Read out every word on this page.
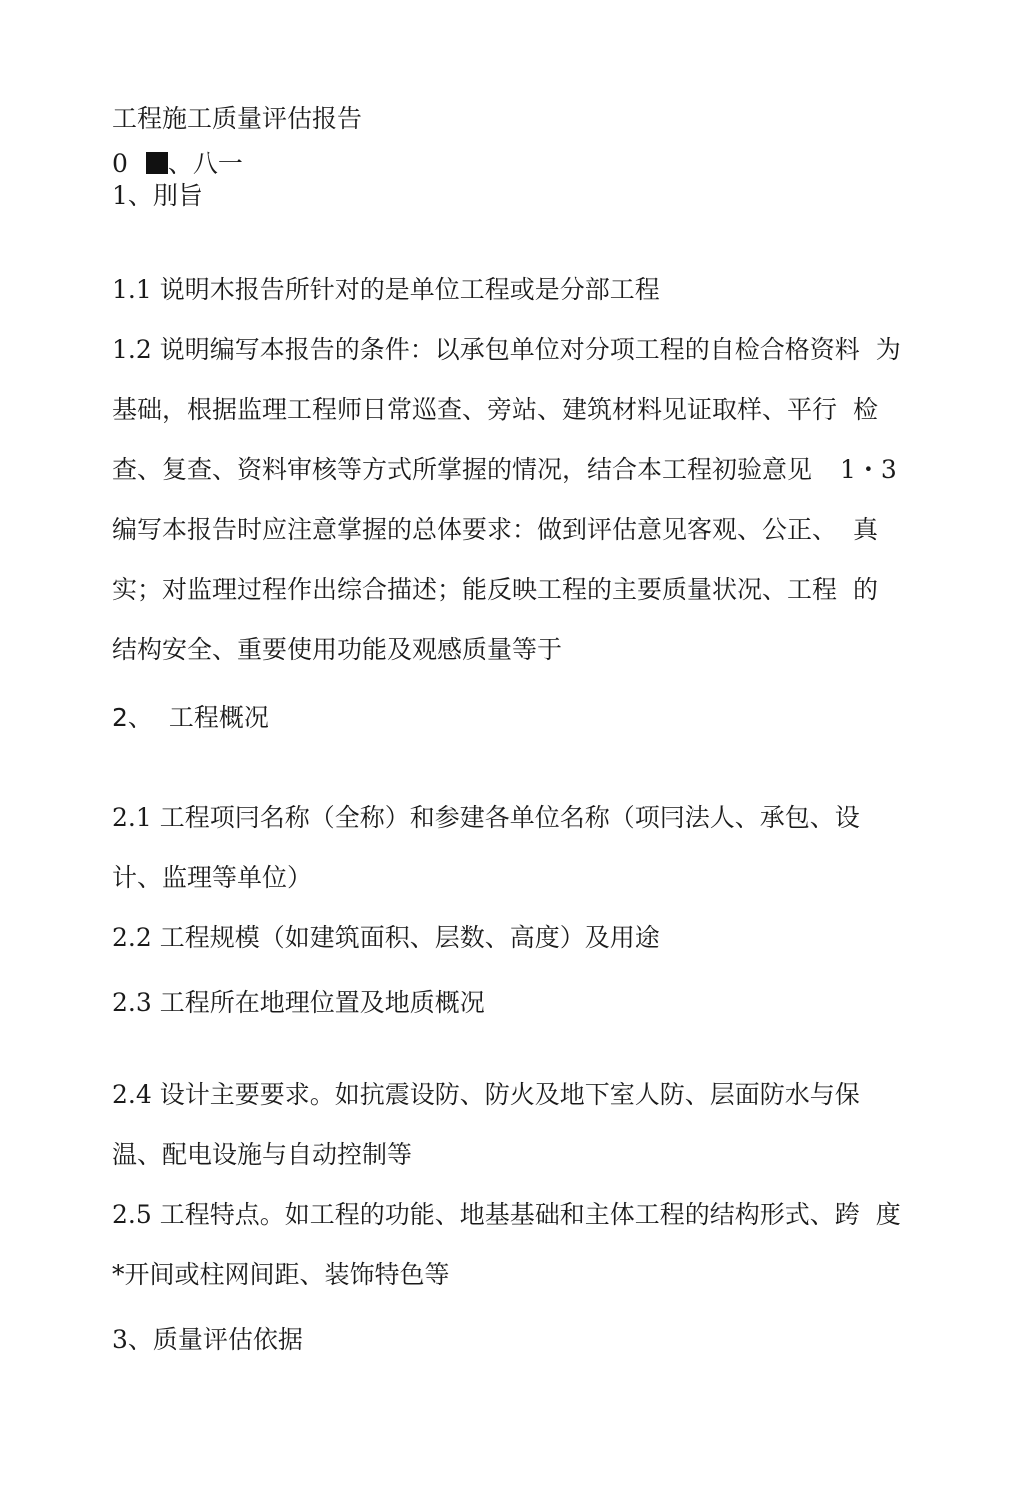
工程施工质量评估报告
0 、八一
1、刖旨
1.1 说明木报告所针对的是单位工程或是分部工程
1.2 说明编写本报告的条件：以承包单位对分项工程的自检合格资料 为
基础，根据监理工程师日常巡查、旁站、建筑材料见证取样、平行 检
查、复查、资料审核等方式所掌握的情况，结合本工程初验意见 1・3
编写本报告时应注意掌握的总体要求：做到评估意见客观、公正、 真
实；对监理过程作出综合描述；能反映工程的主要质量状况、工程 的
结构安全、重要使用功能及观感质量等于
2、 工程概况
2.1 工程项冃名称（全称）和参建各单位名称（项冃法人、承包、设
计、监理等单位）
2.2 工程规模（如建筑面积、层数、高度）及用途
2.3 工程所在地理位置及地质概况
2.4 设计主要要求。如抗震设防、防火及地下室人防、层面防水与保
温、配电设施与自动控制等
2.5 工程特点。如工程的功能、地基基础和主体工程的结构形式、跨 度
*开间或柱网间距、装饰特色等
3、质量评估依据
